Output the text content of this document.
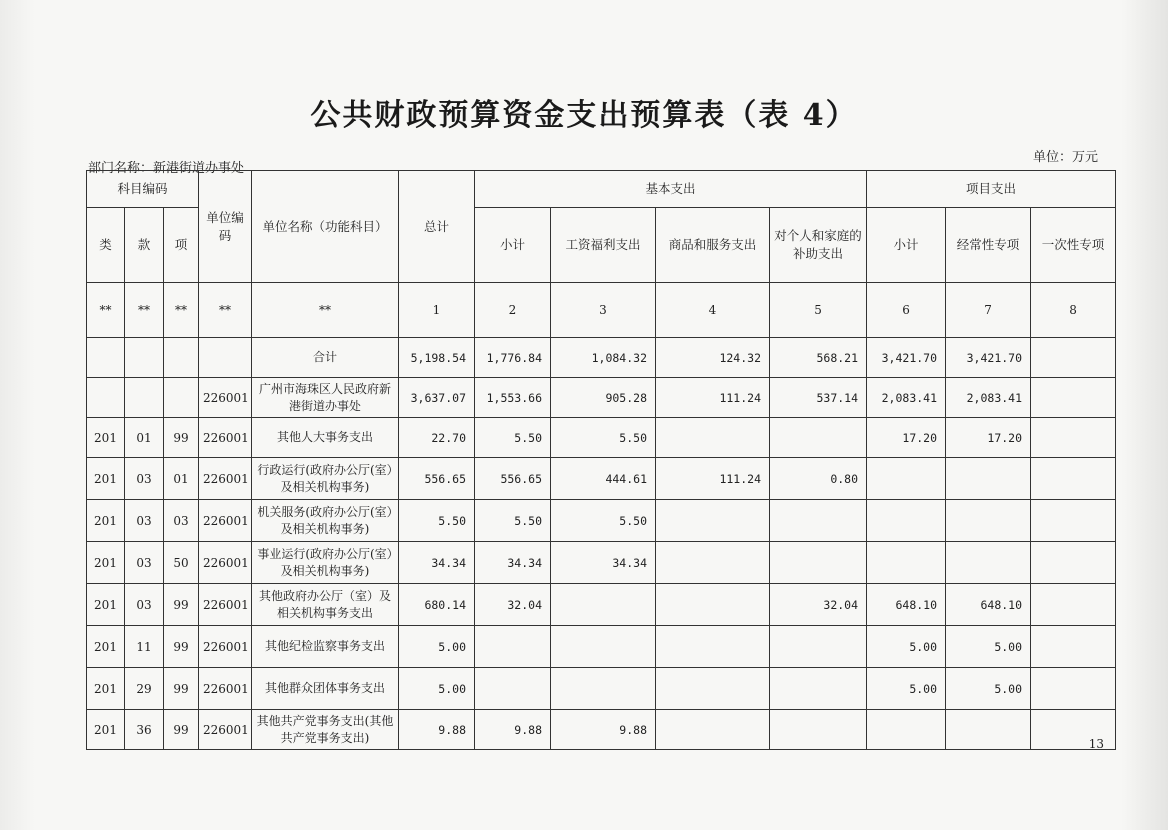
公共财政预算资金支出预算表（表 4）
单位：万元
部门名称：新港街道办事处
科目编码			单位编码	单位名称（功能科目）	总计	基本支出				项目支出		
类	款	项				小计	工资福利支出	商品和服务支出	对个人和家庭的补助支出	小计	经常性专项	一次性专项
**	**	**	**	**	1	2	3	4	5	6	7	8
				合计	5,198.54	1,776.84	1,084.32	124.32	568.21	3,421.70	3,421.70	
			226001	广州市海珠区人民政府新港街道办事处	3,637.07	1,553.66	905.28	111.24	537.14	2,083.41	2,083.41	
201	01	99	226001	其他人大事务支出	22.70	5.50	5.50			17.20	17.20	
201	03	01	226001	行政运行(政府办公厅(室）及相关机构事务)	556.65	556.65	444.61	111.24	0.80			
201	03	03	226001	机关服务(政府办公厅(室）及相关机构事务)	5.50	5.50	5.50					
201	03	50	226001	事业运行(政府办公厅(室）及相关机构事务)	34.34	34.34	34.34					
201	03	99	226001	其他政府办公厅（室）及相关机构事务支出	680.14	32.04			32.04	648.10	648.10	
201	11	99	226001	其他纪检监察事务支出	5.00					5.00	5.00	
201	29	99	226001	其他群众团体事务支出	5.00					5.00	5.00	
201	36	99	226001	其他共产党事务支出(其他共产党事务支出)	9.88	9.88	9.88					
13
